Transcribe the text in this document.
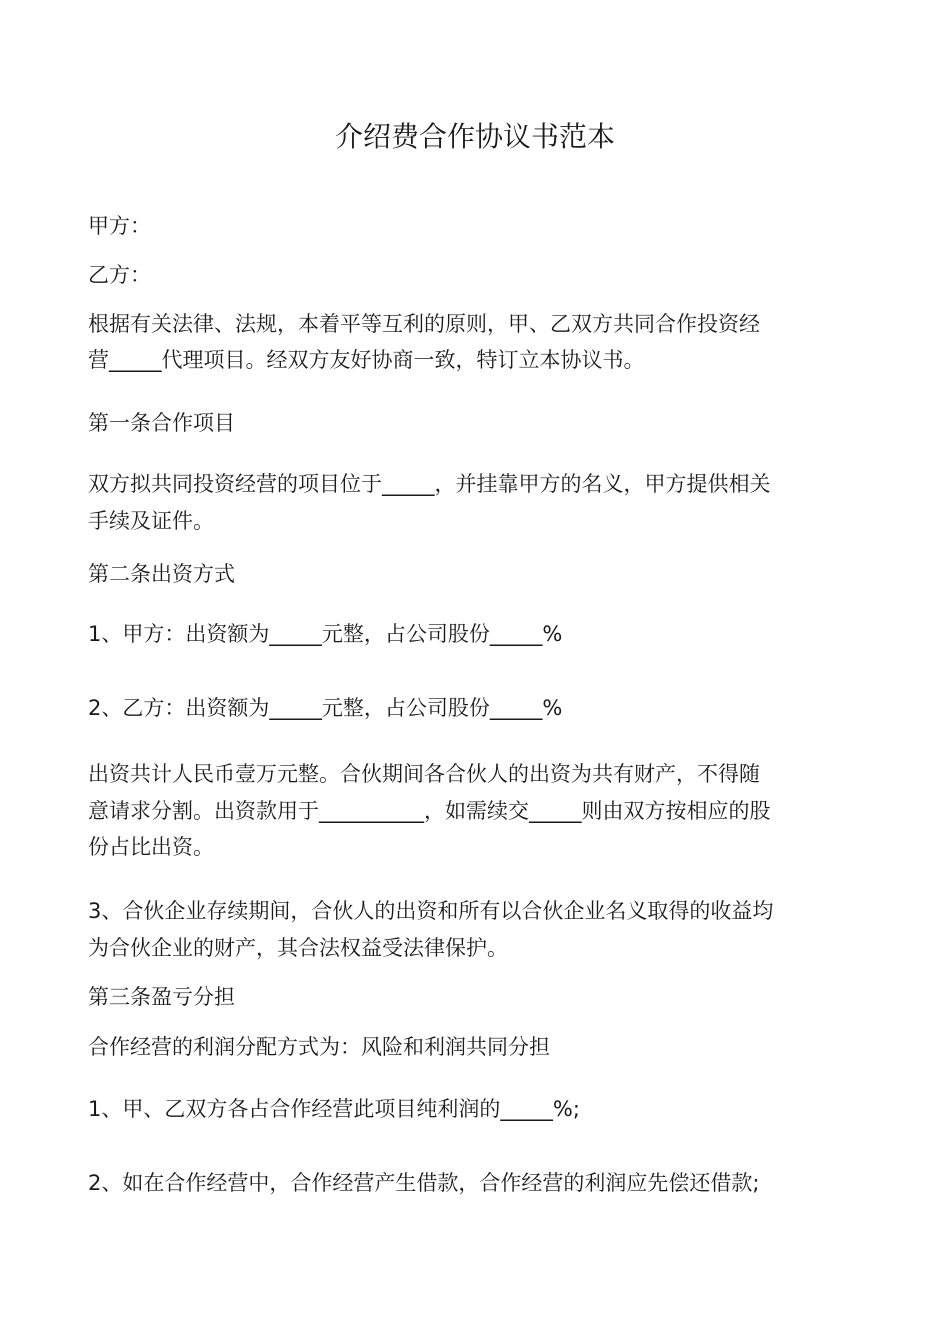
介绍费合作协议书范本

甲方：

乙方：

根据有关法律、法规，本着平等互利的原则，甲、乙双方共同合作投资经

营_____代理项目。经双方友好协商一致，特订立本协议书。

第一条合作项目

双方拟共同投资经营的项目位于_____，并挂靠甲方的名义，甲方提供相关

手续及证件。

第二条出资方式

1、甲方：出资额为_____元整，占公司股份_____%

2、乙方：出资额为_____元整，占公司股份_____%

出资共计人民币壹万元整。合伙期间各合伙人的出资为共有财产，不得随

意请求分割。出资款用于__________，如需续交_____则由双方按相应的股

份占比出资。

3、合伙企业存续期间，合伙人的出资和所有以合伙企业名义取得的收益均

为合伙企业的财产，其合法权益受法律保护。

第三条盈亏分担

合作经营的利润分配方式为：风险和利润共同分担

1、甲、乙双方各占合作经营此项目纯利润的_____%;

2、如在合作经营中，合作经营产生借款，合作经营的利润应先偿还借款;
